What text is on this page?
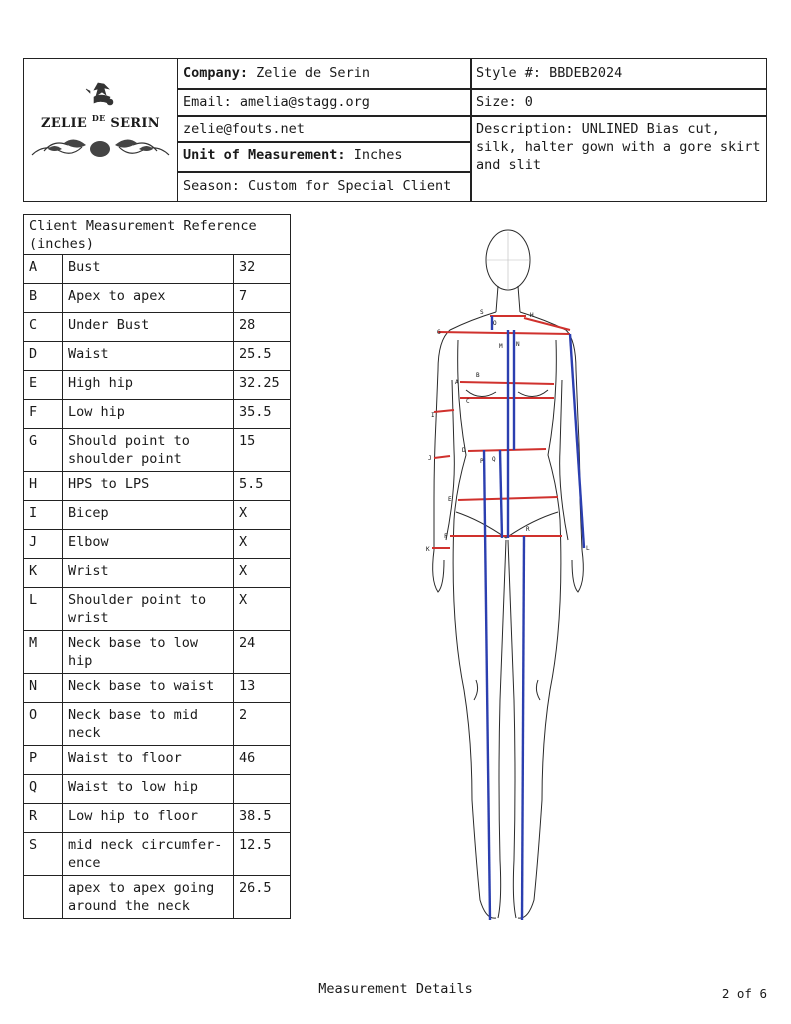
ZELIE $^{DE}$ SERIN
Company: Zelie de Serin
Email: amelia@stagg.org
zelie@fouts.net
Unit of Measurement: Inches
Season: Custom for Special Client
Style #: BBDEB2024
Size: 0
Description: UNLINED Bias cut, silk, halter gown with a gore skirt and slit
Client Measurement Reference (inches)		
A	Bust	32
B	Apex to apex	7
C	Under Bust	28
D	Waist	25.5
E	High hip	32.25
F	Low hip	35.5
G	Should point to shoulder point	15
H	HPS to LPS	5.5
I	Bicep	X
J	Elbow	X
K	Wrist	X
L	Shoulder point to wrist	X
M	Neck base to low hip	24
N	Neck base to waist	13
O	Neck base to mid neck	2
P	Waist to floor	46
Q	Waist to low hip	
R	Low hip to floor	38.5
S	mid neck circumfer-ence	12.5
	apex to apex going around the neck	26.5
S
O
H
G
M N
A
B
C
I
J
D
P Q
E
R
F
K	L
Measurement Details	2 of 6
